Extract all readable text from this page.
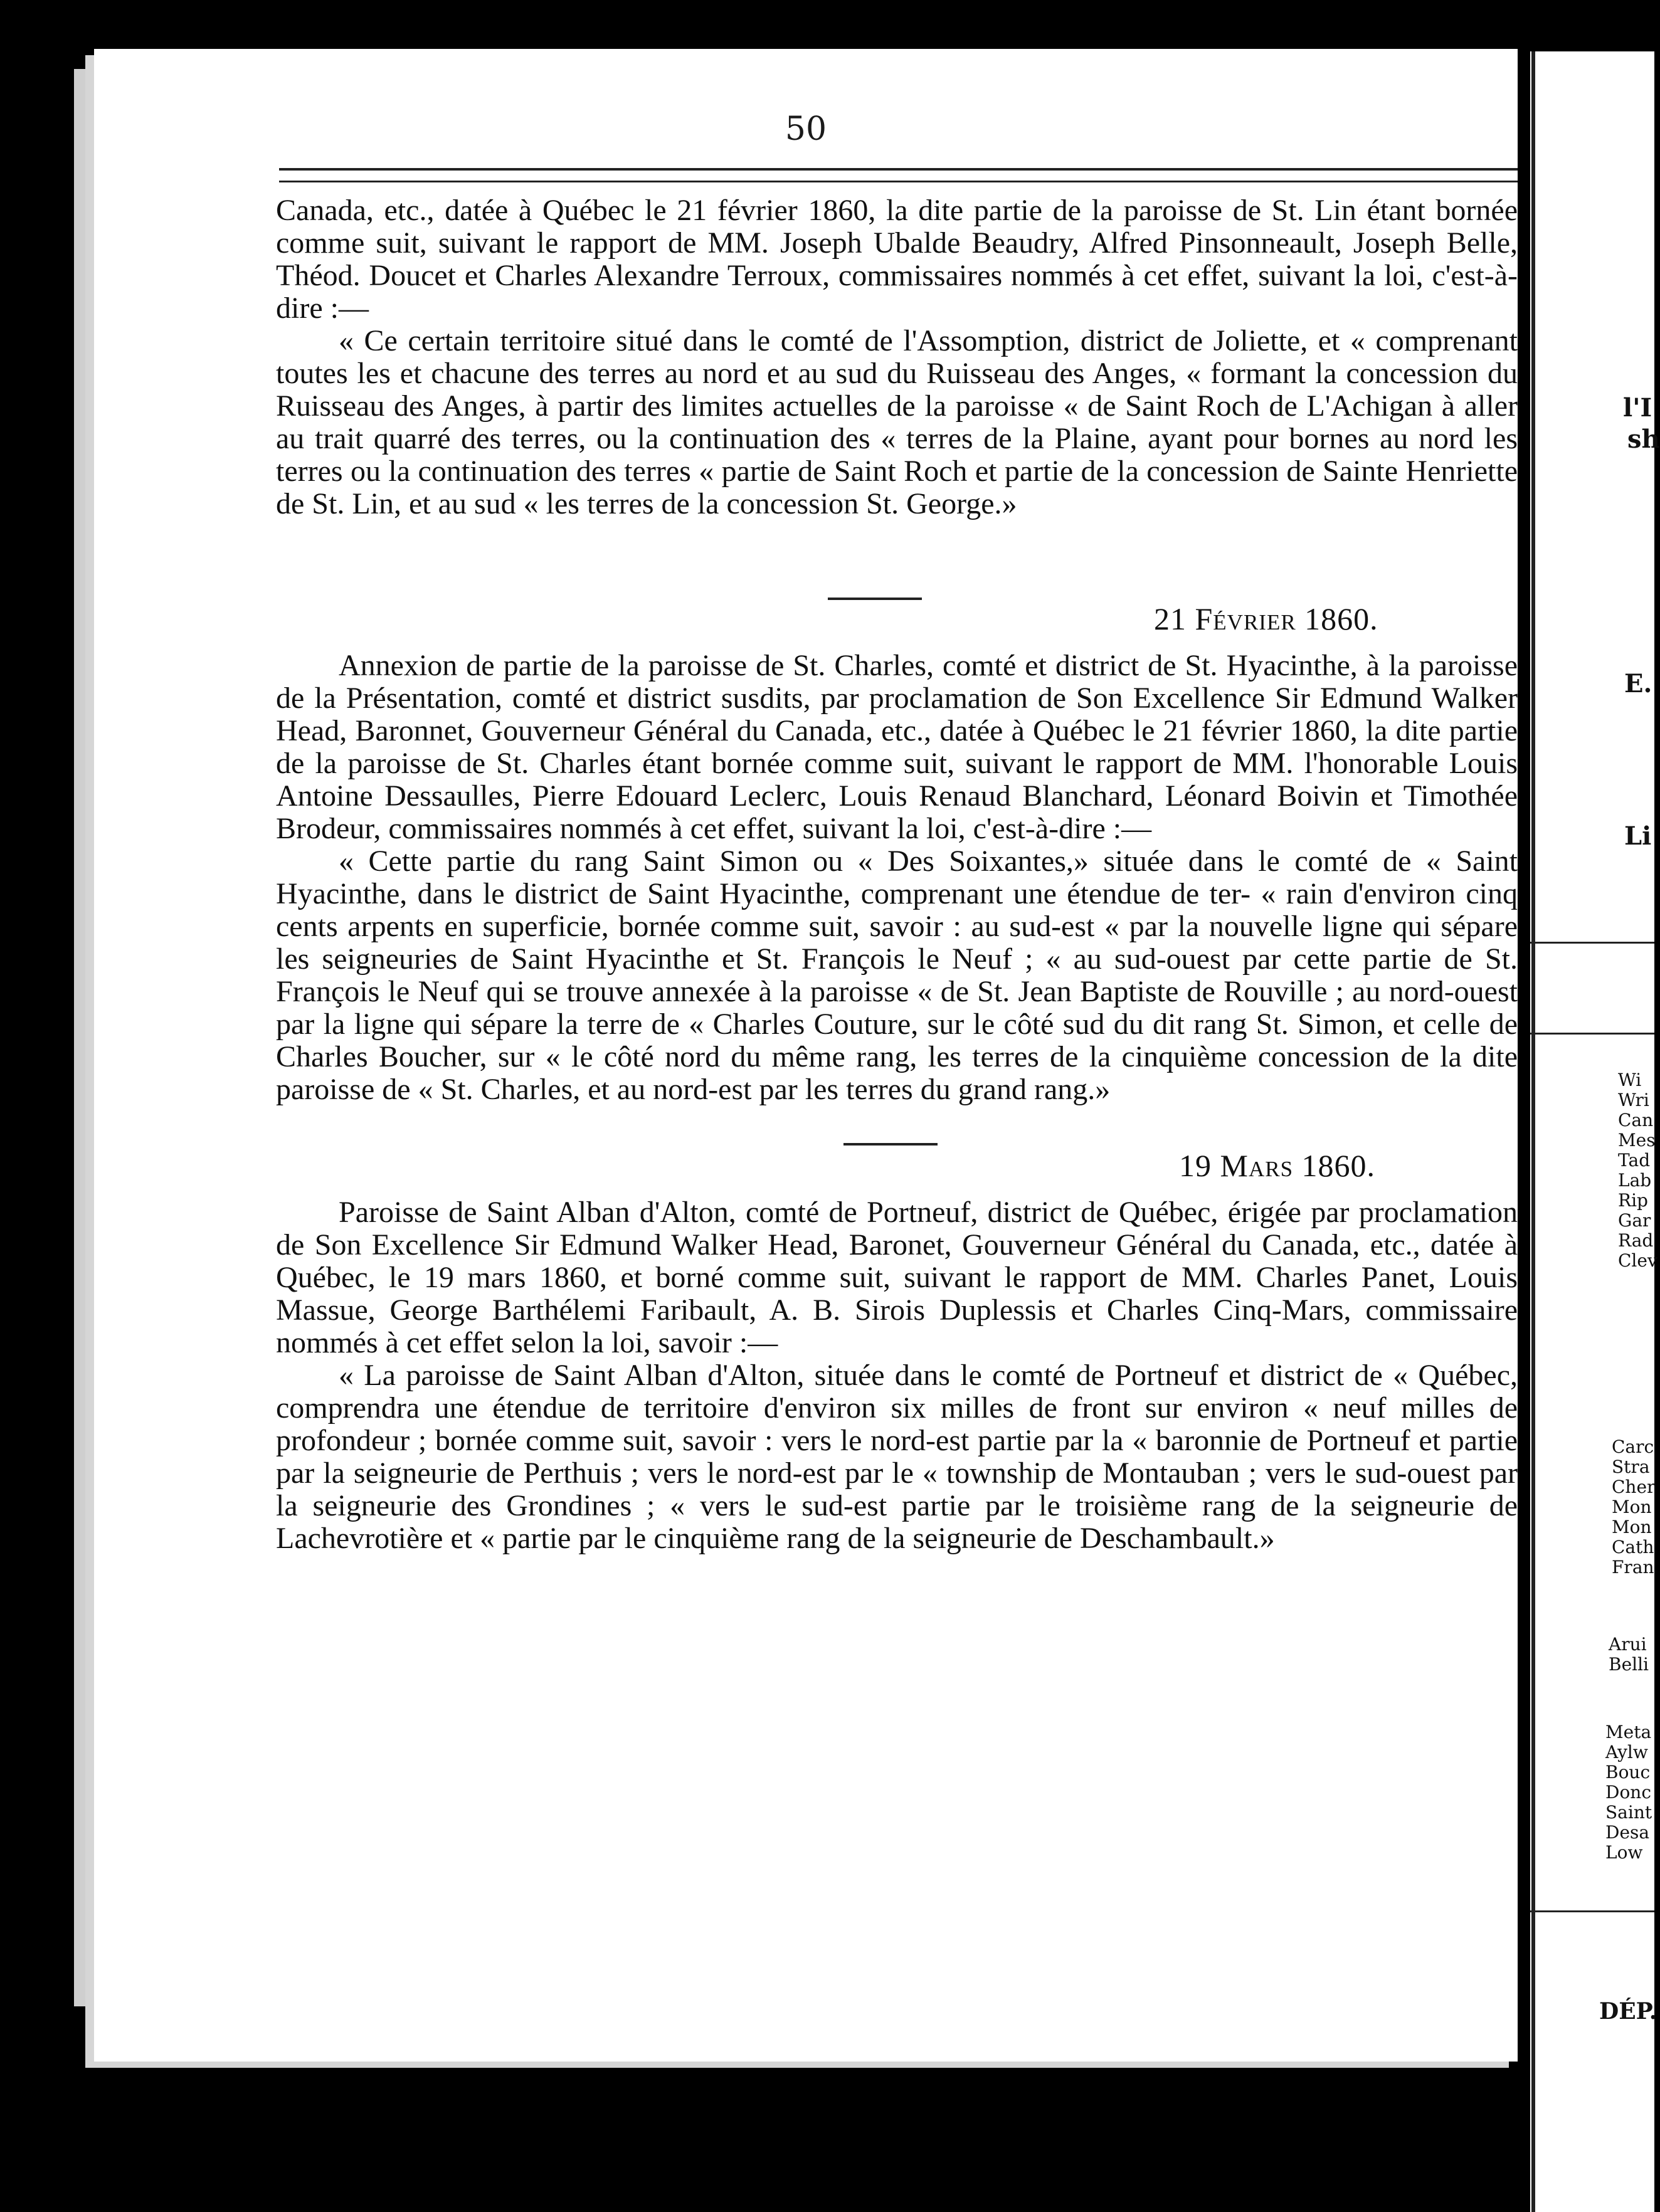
50

Canada, etc., datée à Québec le 21 février 1860, la dite partie de la paroisse de St. Lin étant bornée comme suit, suivant le rapport de MM. Joseph Ubalde Beaudry, Alfred Pinsonneault, Joseph Belle, Théod. Doucet et Charles Alexandre Terroux, commissaires nommés à cet effet, suivant la loi, c'est-à-dire :—

« Ce certain territoire situé dans le comté de l'Assomption, district de Joliette, et « comprenant toutes les et chacune des terres au nord et au sud du Ruisseau des Anges, « formant la concession du Ruisseau des Anges, à partir des limites actuelles de la paroisse « de Saint Roch de L'Achigan à aller au trait quarré des terres, ou la continuation des « terres de la Plaine, ayant pour bornes au nord les terres ou la continuation des terres « partie de Saint Roch et partie de la concession de Sainte Henriette de St. Lin, et au sud « les terres de la concession St. George.»

21 Février 1860.

Annexion de partie de la paroisse de St. Charles, comté et district de St. Hyacinthe, à la paroisse de la Présentation, comté et district susdits, par proclamation de Son Excellence Sir Edmund Walker Head, Baronnet, Gouverneur Général du Canada, etc., datée à Québec le 21 février 1860, la dite partie de la paroisse de St. Charles étant bornée comme suit, suivant le rapport de MM. l'honorable Louis Antoine Dessaulles, Pierre Edouard Leclerc, Louis Renaud Blanchard, Léonard Boivin et Timothée Brodeur, commissaires nommés à cet effet, suivant la loi, c'est-à-dire :—

« Cette partie du rang Saint Simon ou « Des Soixantes,» située dans le comté de « Saint Hyacinthe, dans le district de Saint Hyacinthe, comprenant une étendue de ter- « rain d'environ cinq cents arpents en superficie, bornée comme suit, savoir : au sud-est « par la nouvelle ligne qui sépare les seigneuries de Saint Hyacinthe et St. François le Neuf ; « au sud-ouest par cette partie de St. François le Neuf qui se trouve annexée à la paroisse « de St. Jean Baptiste de Rouville ; au nord-ouest par la ligne qui sépare la terre de « Charles Couture, sur le côté sud du dit rang St. Simon, et celle de Charles Boucher, sur « le côté nord du même rang, les terres de la cinquième concession de la dite paroisse de « St. Charles, et au nord-est par les terres du grand rang.»

19 Mars 1860.

Paroisse de Saint Alban d'Alton, comté de Portneuf, district de Québec, érigée par proclamation de Son Excellence Sir Edmund Walker Head, Baronet, Gouverneur Général du Canada, etc., datée à Québec, le 19 mars 1860, et borné comme suit, suivant le rapport de MM. Charles Panet, Louis Massue, George Barthélemi Faribault, A. B. Sirois Duplessis et Charles Cinq-Mars, commissaire nommés à cet effet selon la loi, savoir :—

« La paroisse de Saint Alban d'Alton, située dans le comté de Portneuf et district de « Québec, comprendra une étendue de territoire d'environ six milles de front sur environ « neuf milles de profondeur ; bornée comme suit, savoir : vers le nord-est partie par la « baronnie de Portneuf et partie par la seigneurie de Perthuis ; vers le nord-est par le « township de Montauban ; vers le sud-ouest par la seigneurie des Grondines ; « vers le sud-est partie par le troisième rang de la seigneurie de Lachevrotière et « partie par le cinquième rang de la seigneurie de Deschambault.»

l'I
sh
E.
Li
Wi
Wri
Can
Mes
Tad
Lab
Rip
Gar
Rad
Clev
Carc
Stra
Cher
Mon
Mon
Cath
Fran
Arui
Belli
Meta
Aylw
Bouc
Donc
Saint
Desa
Low
DÉP.
